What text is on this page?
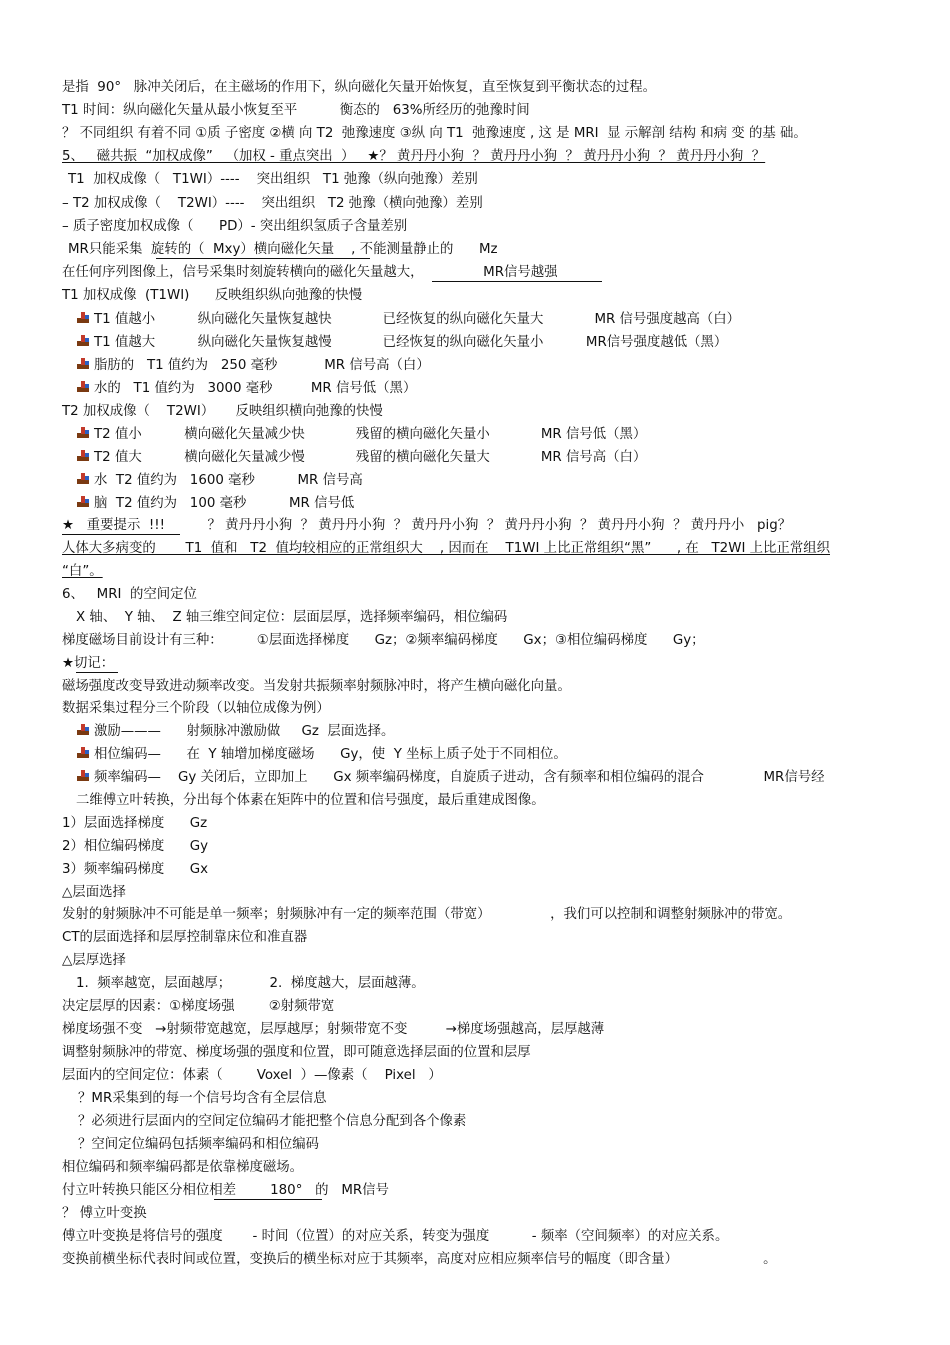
是指  90°   脉冲关闭后，在主磁场的作用下，纵向磁化矢量开始恢复，直至恢复到平衡状态的过程。
T1 时间：纵向磁化矢量从最小恢复至平          衡态的   63%所经历的弛豫时间
？ 不同组织 有着不同 ①质 子密度 ②横 向 T2  弛豫速度 ③纵 向 T1  弛豫速度 , 这 是 MRI  显 示解剖 结构 和病 变 的基 础。
5、   磁共振  “加权成像”   （加权 - 重点突出  ）   ★？ 黄丹丹小狗  ？ 黄丹丹小狗  ？ 黄丹丹小狗  ？ 黄丹丹小狗  ？
T1  加权成像（   T1WI）----    突出组织   T1 弛豫（纵向弛豫）差别
– T2 加权成像（    T2WI）----    突出组织   T2 弛豫（横向弛豫）差别
– 质子密度加权成像（      PD）- 突出组织氢质子含量差别
MR只能采集  旋转的（  Mxy）横向磁化矢量    , 不能测量静止的      Mz
在任何序列图像上，信号采集时刻旋转横向的磁化矢量越大，              MR信号越强
T1 加权成像  (T1WI)      反映组织纵向弛豫的快慢
T1 值越小          纵向磁化矢量恢复越快            已经恢复的纵向磁化矢量大            MR 信号强度越高（白）
T1 值越大          纵向磁化矢量恢复越慢            已经恢复的纵向磁化矢量小          MR信号强度越低（黑）
脂肪的   T1 值约为   250 毫秒           MR 信号高（白）
水的   T1 值约为   3000 毫秒         MR 信号低（黑）
T2 加权成像（    T2WI）     反映组织横向弛豫的快慢
T2 值小          横向磁化矢量减少快            残留的横向磁化矢量小            MR 信号低（黑）
T2 值大          横向磁化矢量减少慢            残留的横向磁化矢量大            MR 信号高（白）
水  T2 值约为   1600 毫秒          MR 信号高
脑  T2 值约为   100 毫秒          MR 信号低
★   重要提示  !!!          ？ 黄丹丹小狗  ？ 黄丹丹小狗  ？ 黄丹丹小狗  ？ 黄丹丹小狗  ？ 黄丹丹小狗  ？ 黄丹丹小   pig？
人体大多病变的       T1  值和   T2  值均较相应的正常组织大    , 因而在    T1WI 上比正常组织“黑”      , 在   T2WI 上比正常组织
“白”。
6、   MRI  的空间定位
X 轴、  Y 轴、  Z 轴三维空间定位：层面层厚，选择频率编码，相位编码
梯度磁场目前设计有三种：        ①层面选择梯度      Gz；②频率编码梯度      Gx；③相位编码梯度      Gy；
★切记：
磁场强度改变导致进动频率改变。当发射共振频率射频脉冲时，将产生横向磁化向量。
数据采集过程分三个阶段（以轴位成像为例）
激励———      射频脉冲激励做     Gz  层面选择。
相位编码—      在  Y 轴增加梯度磁场      Gy，使  Y 坐标上质子处于不同相位。
频率编码—    Gy 关闭后，立即加上      Gx 频率编码梯度，自旋质子进动，含有频率和相位编码的混合              MR信号经
二维傅立叶转换，分出每个体素在矩阵中的位置和信号强度，最后重建成图像。
1）层面选择梯度      Gz
2）相位编码梯度      Gy
3）频率编码梯度      Gx
△层面选择
发射的射频脉冲不可能是单一频率；射频脉冲有一定的频率范围（带宽）              ，我们可以控制和调整射频脉冲的带宽。
CT的层面选择和层厚控制靠床位和准直器
△层厚选择
1.  频率越宽，层面越厚；         2.  梯度越大，层面越薄。
决定层厚的因素：①梯度场强        ②射频带宽
梯度场强不变   →射频带宽越宽，层厚越厚；射频带宽不变         →梯度场强越高，层厚越薄
调整射频脉冲的带宽、梯度场强的强度和位置，即可随意选择层面的位置和层厚
层面内的空间定位：体素（        Voxel  ）—像素（    Pixel   ）
？MR采集到的每一个信号均含有全层信息
？必须进行层面内的空间定位编码才能把整个信息分配到各个像素
？空间定位编码包括频率编码和相位编码
相位编码和频率编码都是依靠梯度磁场。
付立叶转换只能区分相位相差        180°   的   MR信号
？ 傅立叶变换
傅立叶变换是将信号的强度       - 时间（位置）的对应关系，转变为强度          - 频率（空间频率）的对应关系。
变换前横坐标代表时间或位置，变换后的横坐标对应于其频率，高度对应相应频率信号的幅度（即含量）                    。
